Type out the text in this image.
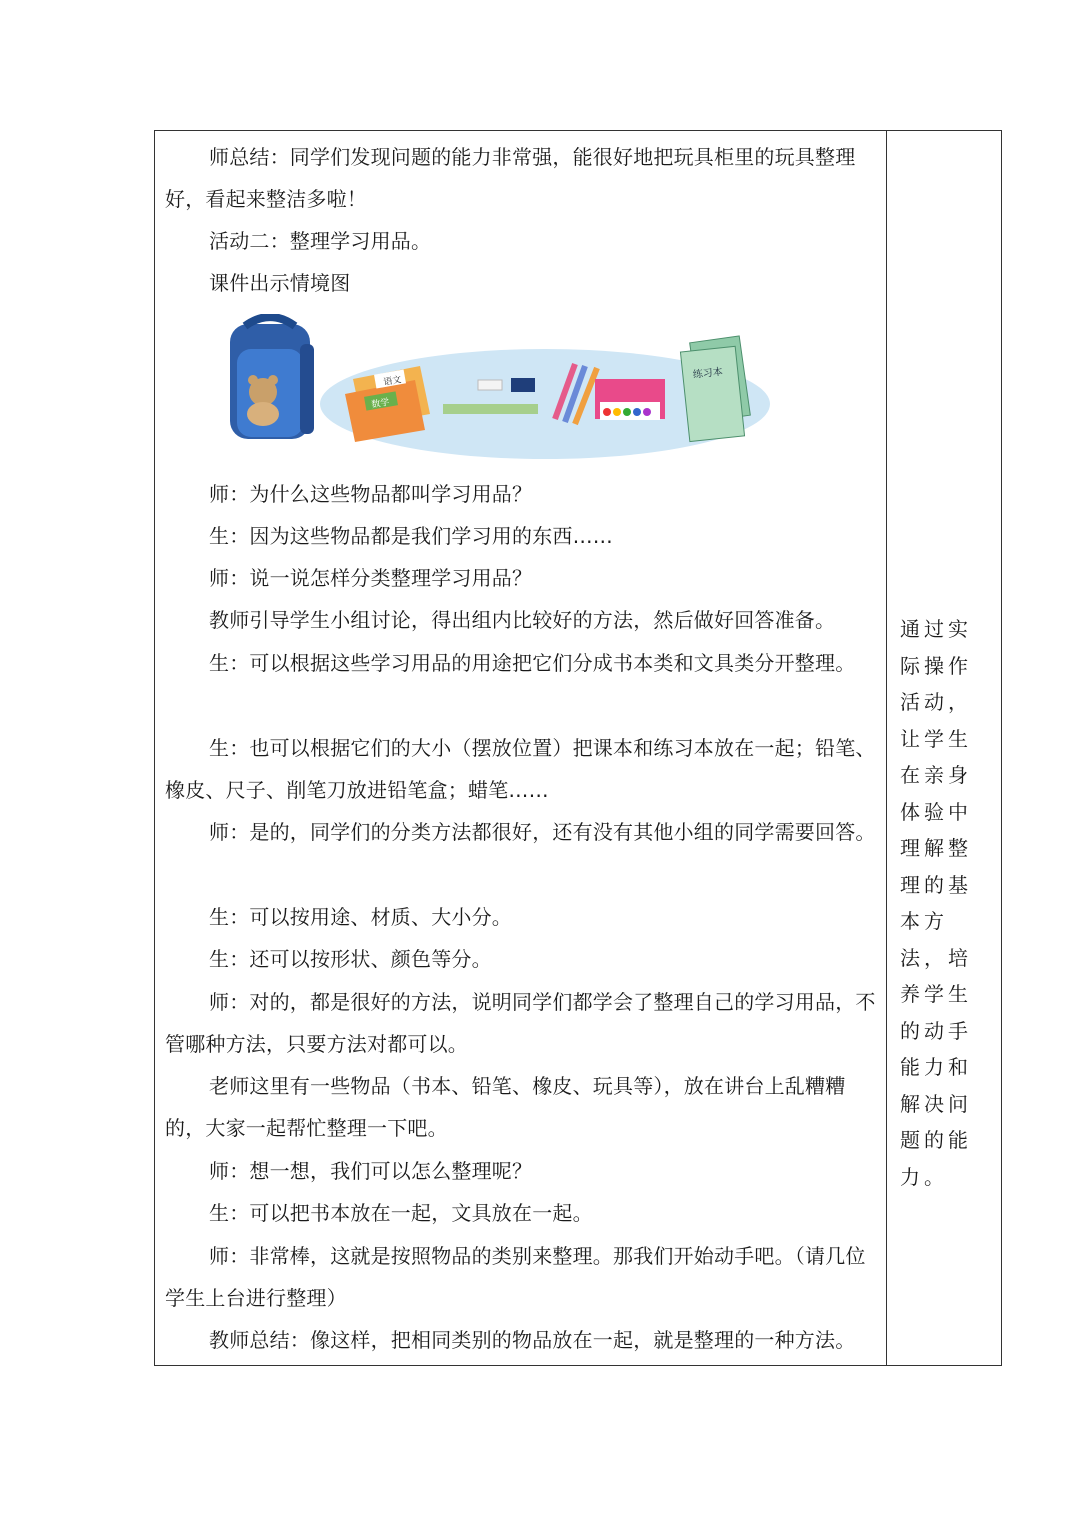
师总结：同学们发现问题的能力非常强，能很好地把玩具柜里的玩具整理好，看起来整洁多啦！
活动二：整理学习用品。
课件出示情境图
语文
数学
练习本
师：为什么这些物品都叫学习用品？
生：因为这些物品都是我们学习用的东西……
师：说一说怎样分类整理学习用品？
教师引导学生小组讨论，得出组内比较好的方法，然后做好回答准备。
生：可以根据这些学习用品的用途把它们分成书本类和文具类分开整理。
生：也可以根据它们的大小（摆放位置）把课本和练习本放在一起；铅笔、橡皮、尺子、削笔刀放进铅笔盒；蜡笔……
师：是的，同学们的分类方法都很好，还有没有其他小组的同学需要回答。
生：可以按用途、材质、大小分。
生：还可以按形状、颜色等分。
师：对的，都是很好的方法，说明同学们都学会了整理自己的学习用品，不管哪种方法，只要方法对都可以。
老师这里有一些物品（书本、铅笔、橡皮、玩具等），放在讲台上乱糟糟的，大家一起帮忙整理一下吧。
师：想一想，我们可以怎么整理呢？
生：可以把书本放在一起，文具放在一起。
师：非常棒，这就是按照物品的类别来整理。那我们开始动手吧。（请几位学生上台进行整理）
教师总结：像这样，把相同类别的物品放在一起，就是整理的一种方法。
通过实际操作活动，让学生在亲身体验中理解整理的基本方法，培养学生的动手能力和解决问题的能力。
